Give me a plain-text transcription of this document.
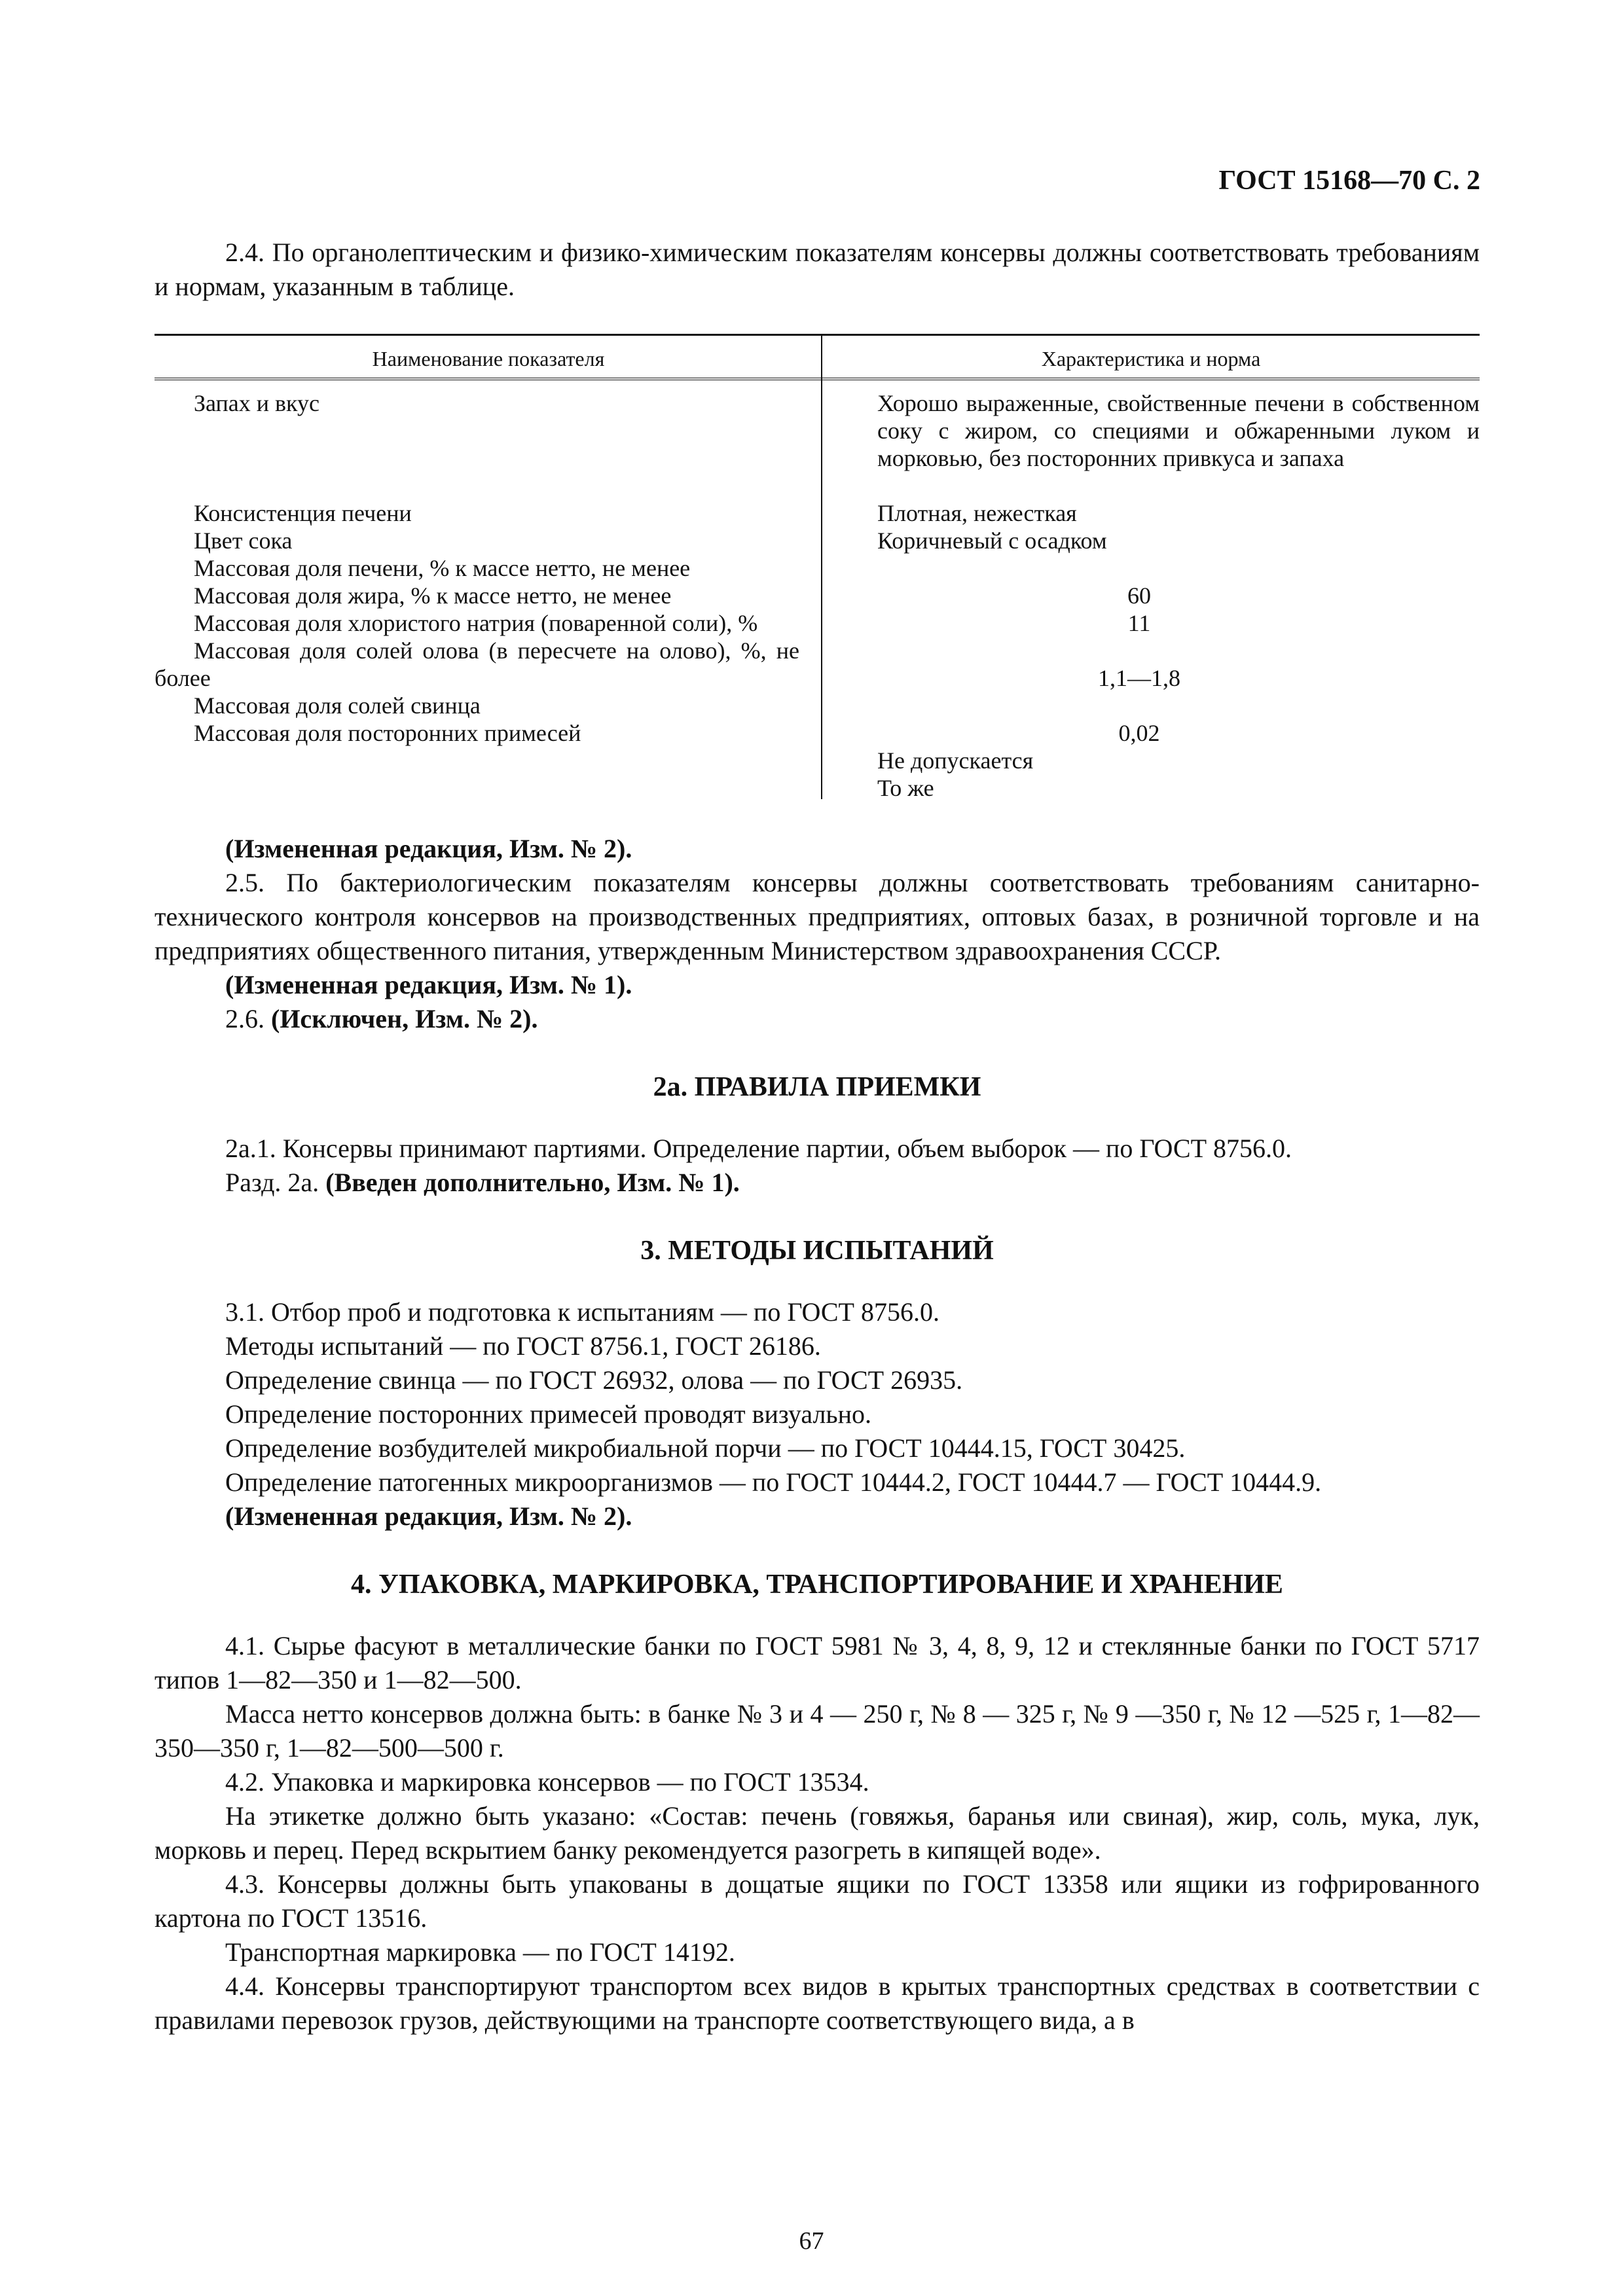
ГОСТ 15168—70 С. 2

2.4. По органолептическим и физико-химическим показателям консервы должны соответствовать требованиям и нормам, указанным в таблице.

Наименование показателя	Характеристика и норма
Запах и вкус
Консистенция печени
Цвет сока
Массовая доля печени, % к массе нетто, не менее
Массовая доля жира, % к массе нетто, не менее
Массовая доля хлористого натрия (поваренной соли), %
Массовая доля солей олова (в пересчете на олово), %, не более
Массовая доля солей свинца
Массовая доля посторонних примесей
Хорошо выраженные, свойственные печени в собственном соку с жиром, со специями и обжаренными луком и морковью, без посторонних привкуса и запаха
Плотная, нежесткая
Коричневый с осадком
60
11
1,1—1,8
0,02
Не допускается
То же

(Измененная редакция, Изм. № 2).

2.5. По бактериологическим показателям консервы должны соответствовать требованиям санитарно-технического контроля консервов на производственных предприятиях, оптовых базах, в розничной торговле и на предприятиях общественного питания, утвержденным Министерством здравоохранения СССР.

(Измененная редакция, Изм. № 1).

2.6. (Исключен, Изм. № 2).

2а. ПРАВИЛА ПРИЕМКИ

2а.1. Консервы принимают партиями. Определение партии, объем выборок — по ГОСТ 8756.0.

Разд. 2а. (Введен дополнительно, Изм. № 1).

3. МЕТОДЫ ИСПЫТАНИЙ

3.1. Отбор проб и подготовка к испытаниям — по ГОСТ 8756.0.

Методы испытаний — по ГОСТ 8756.1, ГОСТ 26186.

Определение свинца — по ГОСТ 26932, олова — по ГОСТ 26935.

Определение посторонних примесей проводят визуально.

Определение возбудителей микробиальной порчи — по ГОСТ 10444.15, ГОСТ 30425.

Определение патогенных микроорганизмов — по ГОСТ 10444.2, ГОСТ 10444.7 — ГОСТ 10444.9.

(Измененная редакция, Изм. № 2).

4. УПАКОВКА, МАРКИРОВКА, ТРАНСПОРТИРОВАНИЕ И ХРАНЕНИЕ

4.1. Сырье фасуют в металлические банки по ГОСТ 5981 № 3, 4, 8, 9, 12 и стеклянные банки по ГОСТ 5717 типов 1—82—350 и 1—82—500.

Масса нетто консервов должна быть: в банке № 3 и 4 — 250 г, № 8 — 325 г, № 9 —350 г, № 12 —525 г, 1—82—350—350 г, 1—82—500—500 г.

4.2. Упаковка и маркировка консервов — по ГОСТ 13534.

На этикетке должно быть указано: «Состав: печень (говяжья, баранья или свиная), жир, соль, мука, лук, морковь и перец. Перед вскрытием банку рекомендуется разогреть в кипящей воде».

4.3. Консервы должны быть упакованы в дощатые ящики по ГОСТ 13358 или ящики из гофрированного картона по ГОСТ 13516.

Транспортная маркировка — по ГОСТ 14192.

4.4. Консервы транспортируют транспортом всех видов в крытых транспортных средствах в соответствии с правилами перевозок грузов, действующими на транспорте соответствующего вида, а в

67
